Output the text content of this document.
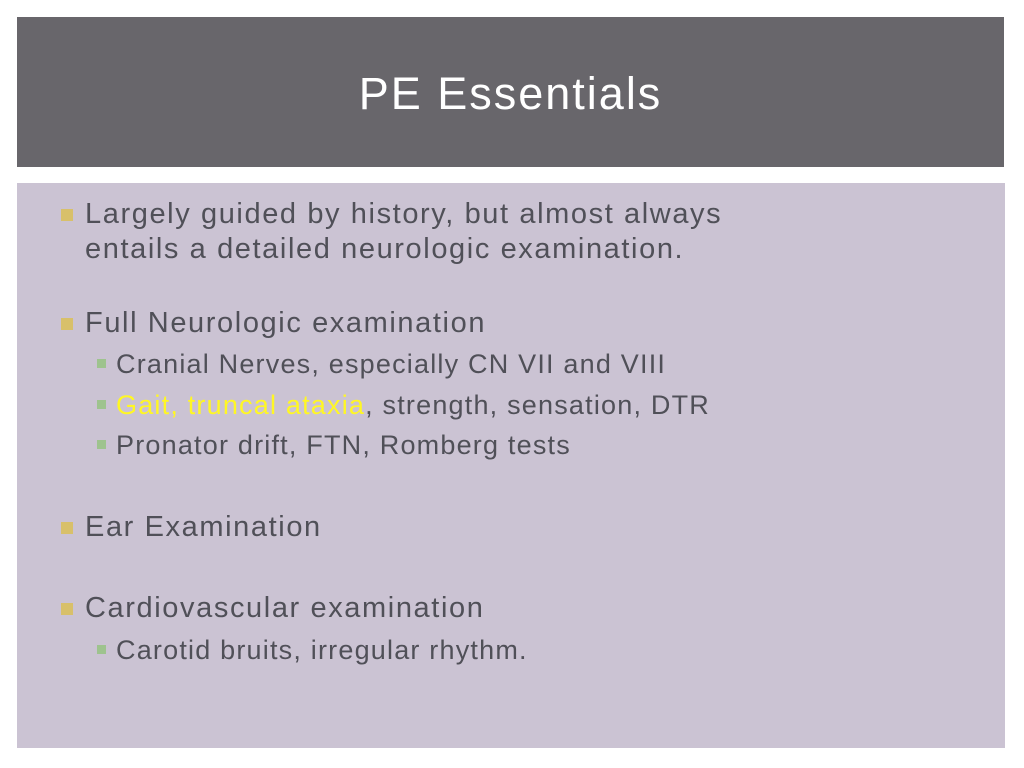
PE Essentials
Largely guided by history, but almost always
entails a detailed neurologic examination.
Full Neurologic examination
Cranial Nerves, especially CN VII and VIII
Gait, truncal ataxia, strength, sensation, DTR
Pronator drift, FTN, Romberg tests
Ear Examination
Cardiovascular examination
Carotid bruits, irregular rhythm.
